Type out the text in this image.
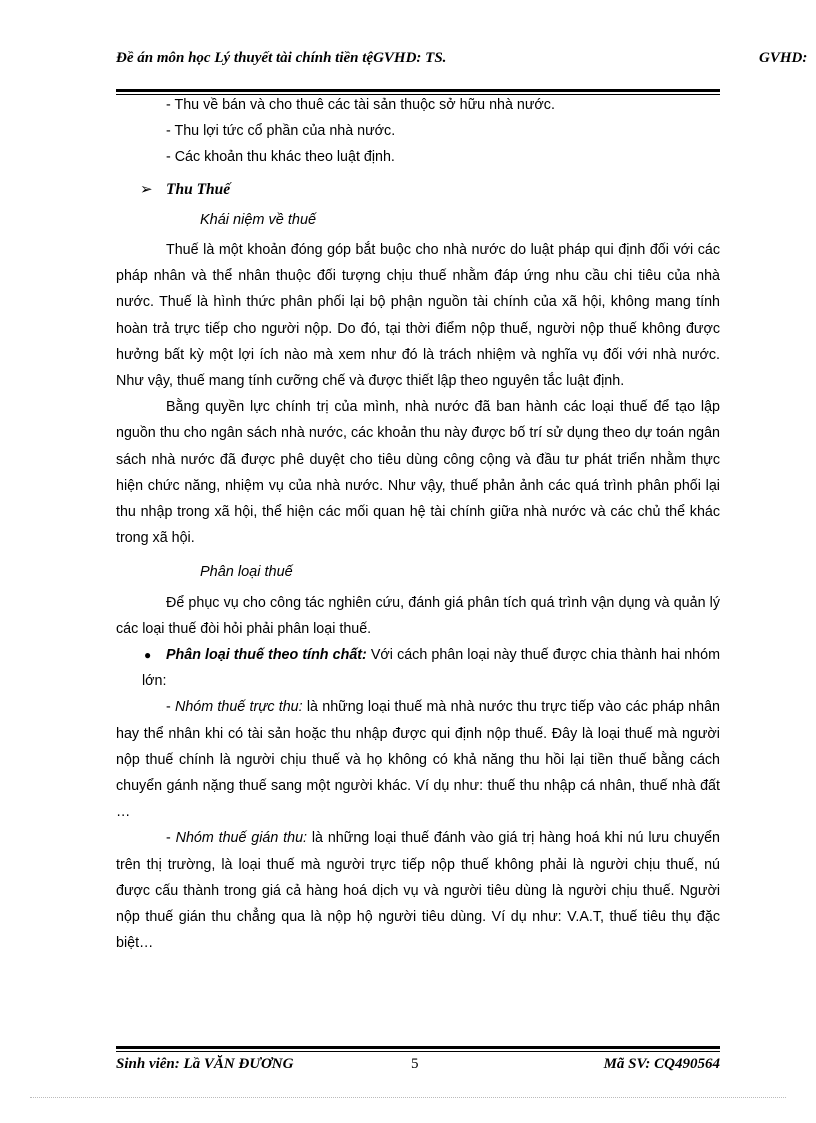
Đề án môn học Lý thuyết tài chính tiền tệGVHD: TS.	GVHD:

- Thu về bán và cho thuê các tài sản thuộc sở hữu nhà nước.

- Thu lợi tức cổ phần của nhà nước.

- Các khoản thu khác theo luật định.

➢ Thu Thuế

Khái niệm về thuế

Thuế là một khoản đóng góp bắt buộc cho nhà nước do luật pháp qui định đối với các pháp nhân và thể nhân thuộc đối tượng chịu thuế nhằm đáp ứng nhu cầu chi tiêu của nhà nước. Thuế là hình thức phân phối lại bộ phận nguồn tài chính của xã hội, không mang tính hoàn trả trực tiếp cho người nộp. Do đó, tại thời điểm nộp thuế, người nộp thuế không được hưởng bất kỳ một lợi ích nào mà xem như đó là trách nhiệm và nghĩa vụ đối với nhà nước. Như vậy, thuế mang tính cưỡng chế và được thiết lập theo nguyên tắc luật định.

Bằng quyền lực chính trị của mình, nhà nước đã ban hành các loại thuế để tạo lập nguồn thu cho ngân sách nhà nước, các khoản thu này được bố trí sử dụng theo dự toán ngân sách nhà nước đã được phê duyệt cho tiêu dùng công cộng và đầu tư phát triển nhằm thực hiện chức năng, nhiệm vụ của nhà nước. Như vậy, thuế phản ảnh các quá trình phân phối lại thu nhập trong xã hội, thể hiện các mối quan hệ tài chính giữa nhà nước và các chủ thể khác trong xã hội.

Phân loại thuế

Để phục vụ cho công tác nghiên cứu, đánh giá phân tích quá trình vận dụng và quản lý các loại thuế đòi hỏi phải phân loại thuế.

● Phân loại thuế theo tính chất: Với cách phân loại này thuế được chia thành hai nhóm lớn:

- Nhóm thuế trực thu: là những loại thuế mà nhà nước thu trực tiếp vào các pháp nhân hay thể nhân khi có tài sản hoặc thu nhập được qui định nộp thuế. Đây là loại thuế mà người nộp thuế chính là người chịu thuế và họ không có khả năng thu hồi lại tiền thuế bằng cách chuyển gánh nặng thuế sang một người khác. Ví dụ như: thuế thu nhập cá nhân, thuế nhà đất …

- Nhóm thuế gián thu: là những loại thuế đánh vào giá trị hàng hoá khi nú lưu chuyển trên thị trường, là loại thuế mà người trực tiếp nộp thuế không phải là người chịu thuế, nú được cấu thành trong giá cả hàng hoá dịch vụ và người tiêu dùng là người chịu thuế. Người nộp thuế gián thu chẳng qua là nộp hộ người tiêu dùng. Ví dụ như: V.A.T, thuế tiêu thụ đặc biệt…

Sinh viên: Lầ VĂN ĐƯƠNG	5	Mã SV: CQ490564
